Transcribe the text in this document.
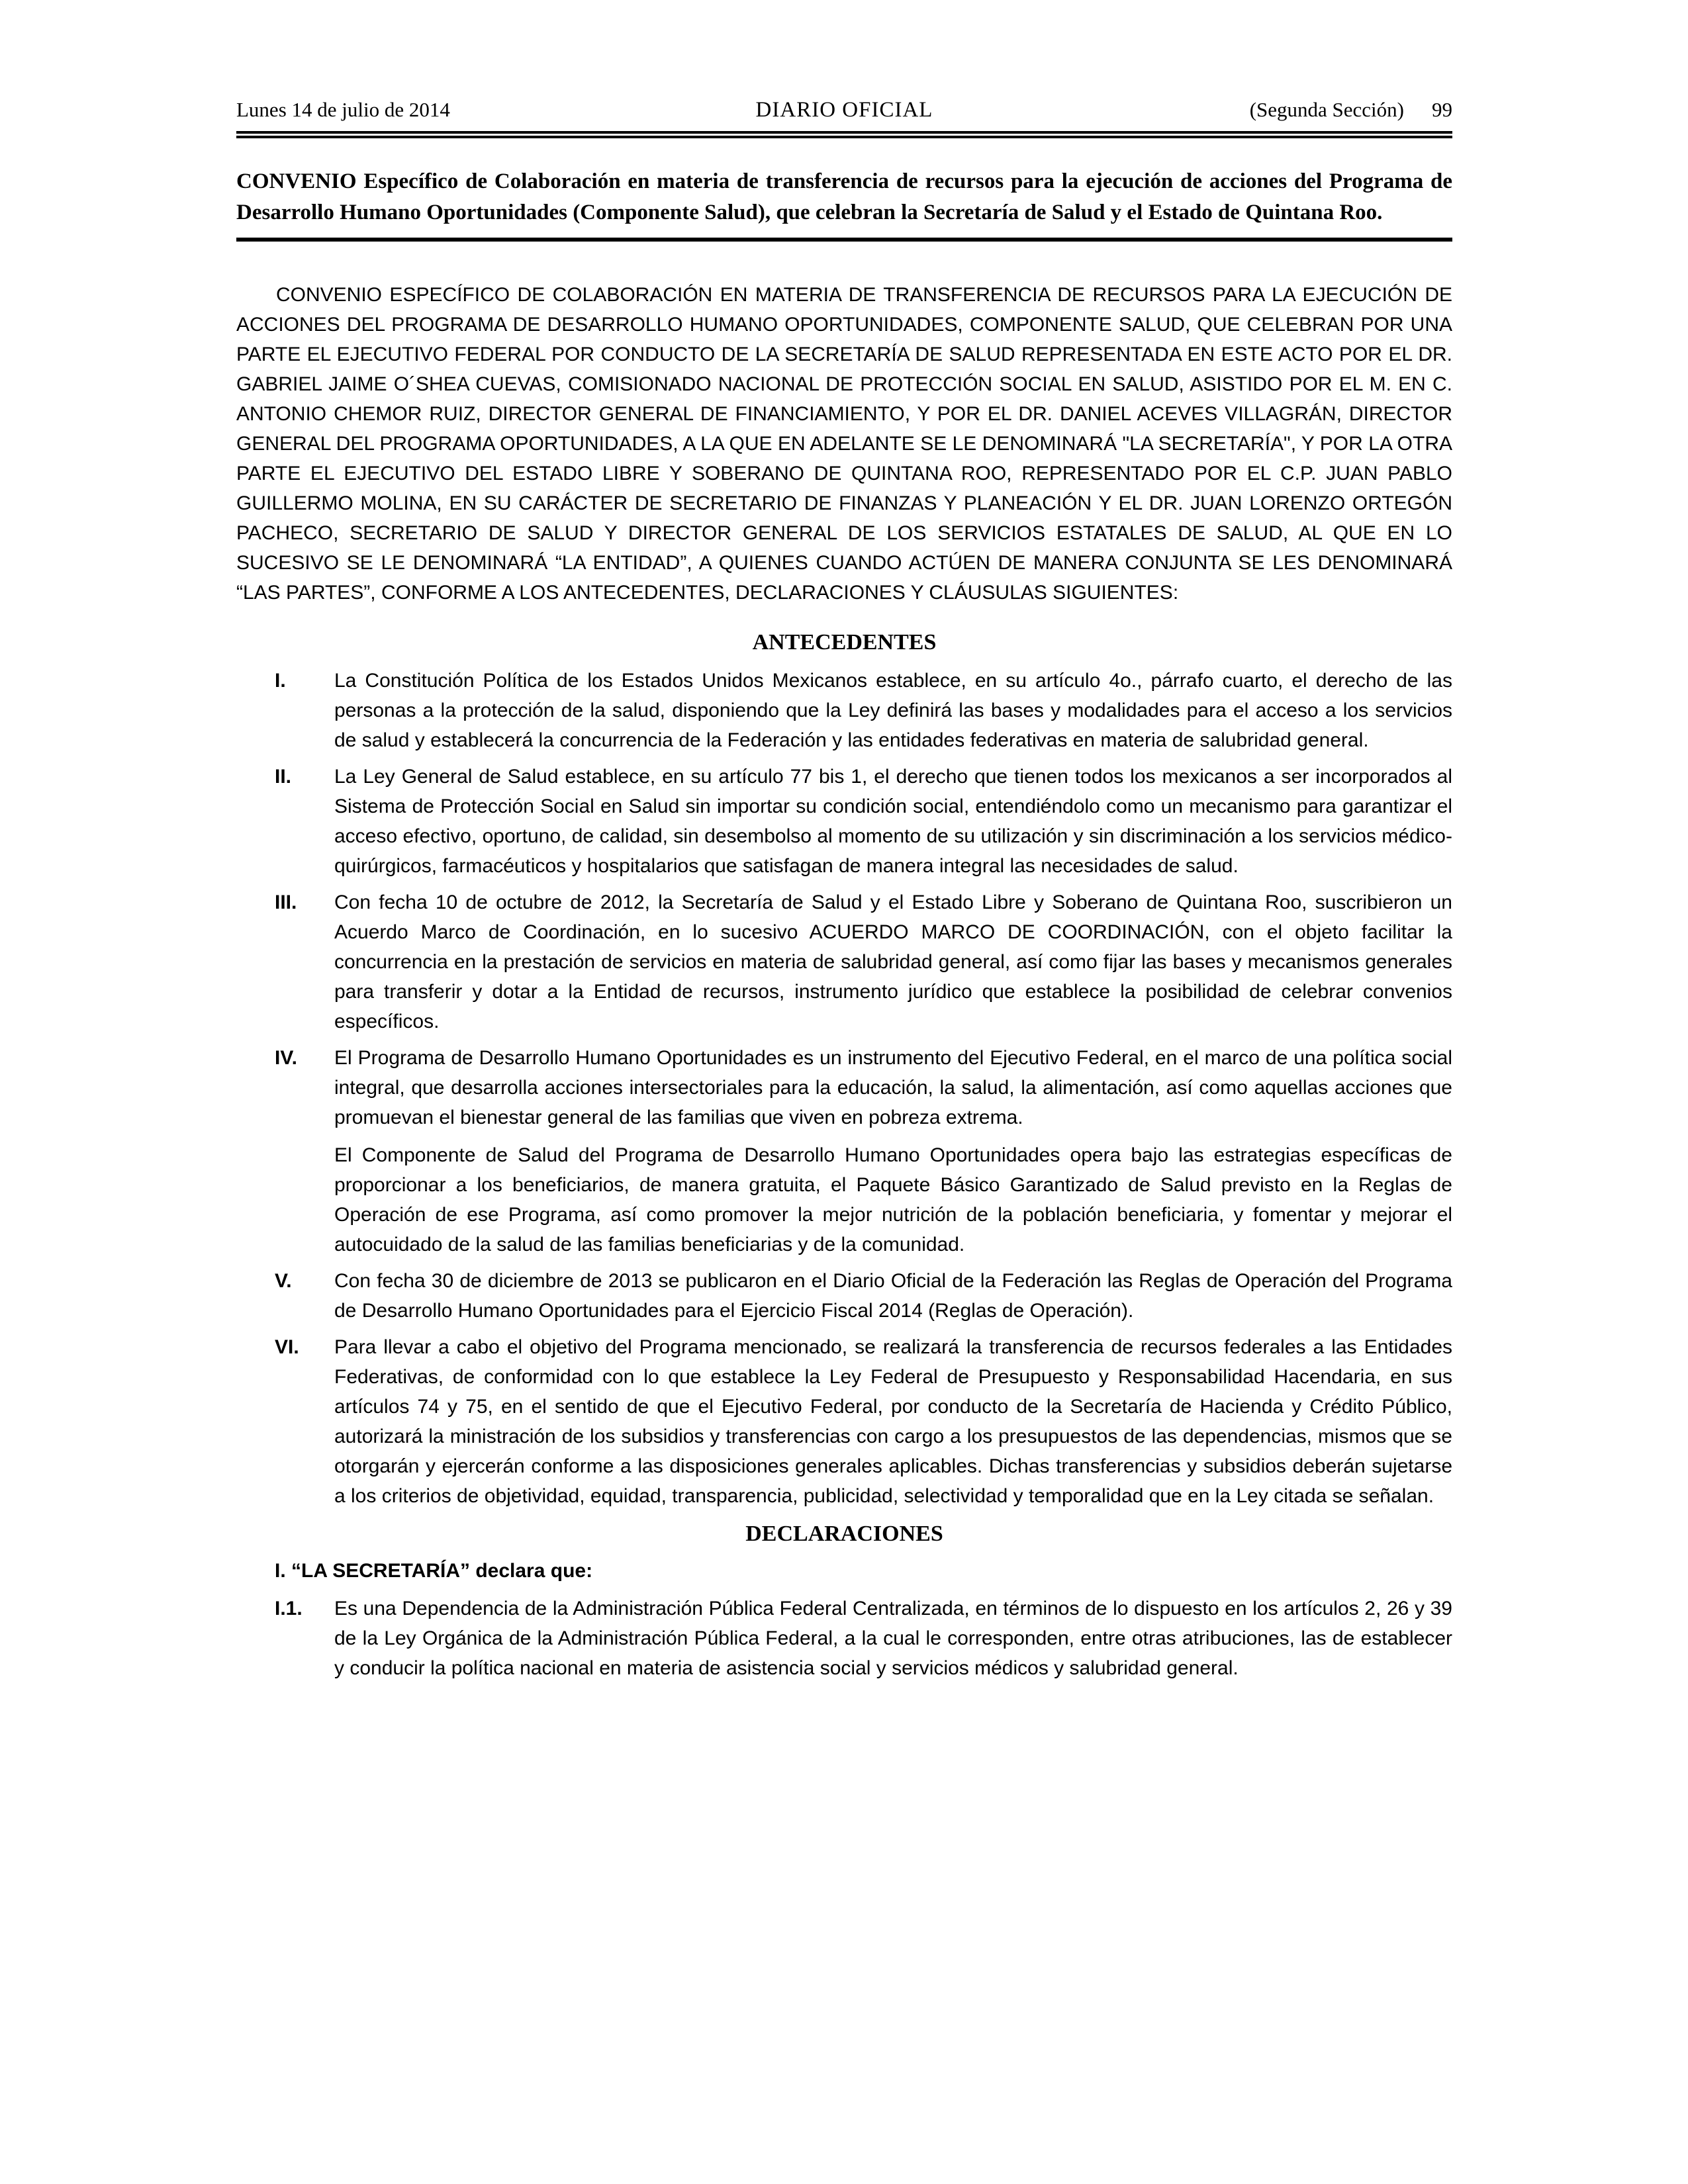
Lunes 14 de julio de 2014	DIARIO OFICIAL	(Segunda Sección) 99
CONVENIO Específico de Colaboración en materia de transferencia de recursos para la ejecución de acciones del Programa de Desarrollo Humano Oportunidades (Componente Salud), que celebran la Secretaría de Salud y el Estado de Quintana Roo.

CONVENIO ESPECÍFICO DE COLABORACIÓN EN MATERIA DE TRANSFERENCIA DE RECURSOS PARA LA EJECUCIÓN DE ACCIONES DEL PROGRAMA DE DESARROLLO HUMANO OPORTUNIDADES, COMPONENTE SALUD, QUE CELEBRAN POR UNA PARTE EL EJECUTIVO FEDERAL POR CONDUCTO DE LA SECRETARÍA DE SALUD REPRESENTADA EN ESTE ACTO POR EL DR. GABRIEL JAIME O´SHEA CUEVAS, COMISIONADO NACIONAL DE PROTECCIÓN SOCIAL EN SALUD, ASISTIDO POR EL M. EN C. ANTONIO CHEMOR RUIZ, DIRECTOR GENERAL DE FINANCIAMIENTO, Y POR EL DR. DANIEL ACEVES VILLAGRÁN, DIRECTOR GENERAL DEL PROGRAMA OPORTUNIDADES, A LA QUE EN ADELANTE SE LE DENOMINARÁ "LA SECRETARÍA", Y POR LA OTRA PARTE EL EJECUTIVO DEL ESTADO LIBRE Y SOBERANO DE QUINTANA ROO, REPRESENTADO POR EL C.P. JUAN PABLO GUILLERMO MOLINA, EN SU CARÁCTER DE SECRETARIO DE FINANZAS Y PLANEACIÓN Y EL DR. JUAN LORENZO ORTEGÓN PACHECO, SECRETARIO DE SALUD Y DIRECTOR GENERAL DE LOS SERVICIOS ESTATALES DE SALUD, AL QUE EN LO SUCESIVO SE LE DENOMINARÁ “LA ENTIDAD”, A QUIENES CUANDO ACTÚEN DE MANERA CONJUNTA SE LES DENOMINARÁ “LAS PARTES”, CONFORME A LOS ANTECEDENTES, DECLARACIONES Y CLÁUSULAS SIGUIENTES:

ANTECEDENTES
I. La Constitución Política de los Estados Unidos Mexicanos establece, en su artículo 4o., párrafo cuarto, el derecho de las personas a la protección de la salud, disponiendo que la Ley definirá las bases y modalidades para el acceso a los servicios de salud y establecerá la concurrencia de la Federación y las entidades federativas en materia de salubridad general.
II. La Ley General de Salud establece, en su artículo 77 bis 1, el derecho que tienen todos los mexicanos a ser incorporados al Sistema de Protección Social en Salud sin importar su condición social, entendiéndolo como un mecanismo para garantizar el acceso efectivo, oportuno, de calidad, sin desembolso al momento de su utilización y sin discriminación a los servicios médico-quirúrgicos, farmacéuticos y hospitalarios que satisfagan de manera integral las necesidades de salud.
III. Con fecha 10 de octubre de 2012, la Secretaría de Salud y el Estado Libre y Soberano de Quintana Roo, suscribieron un Acuerdo Marco de Coordinación, en lo sucesivo ACUERDO MARCO DE COORDINACIÓN, con el objeto facilitar la concurrencia en la prestación de servicios en materia de salubridad general, así como fijar las bases y mecanismos generales para transferir y dotar a la Entidad de recursos, instrumento jurídico que establece la posibilidad de celebrar convenios específicos.
IV. El Programa de Desarrollo Humano Oportunidades es un instrumento del Ejecutivo Federal, en el marco de una política social integral, que desarrolla acciones intersectoriales para la educación, la salud, la alimentación, así como aquellas acciones que promuevan el bienestar general de las familias que viven en pobreza extrema.
El Componente de Salud del Programa de Desarrollo Humano Oportunidades opera bajo las estrategias específicas de proporcionar a los beneficiarios, de manera gratuita, el Paquete Básico Garantizado de Salud previsto en la Reglas de Operación de ese Programa, así como promover la mejor nutrición de la población beneficiaria, y fomentar y mejorar el autocuidado de la salud de las familias beneficiarias y de la comunidad.
V. Con fecha 30 de diciembre de 2013 se publicaron en el Diario Oficial de la Federación las Reglas de Operación del Programa de Desarrollo Humano Oportunidades para el Ejercicio Fiscal 2014 (Reglas de Operación).
VI. Para llevar a cabo el objetivo del Programa mencionado, se realizará la transferencia de recursos federales a las Entidades Federativas, de conformidad con lo que establece la Ley Federal de Presupuesto y Responsabilidad Hacendaria, en sus artículos 74 y 75, en el sentido de que el Ejecutivo Federal, por conducto de la Secretaría de Hacienda y Crédito Público, autorizará la ministración de los subsidios y transferencias con cargo a los presupuestos de las dependencias, mismos que se otorgarán y ejercerán conforme a las disposiciones generales aplicables. Dichas transferencias y subsidios deberán sujetarse a los criterios de objetividad, equidad, transparencia, publicidad, selectividad y temporalidad que en la Ley citada se señalan.
DECLARACIONES
I. “LA SECRETARÍA” declara que:
I.1. Es una Dependencia de la Administración Pública Federal Centralizada, en términos de lo dispuesto en los artículos 2, 26 y 39 de la Ley Orgánica de la Administración Pública Federal, a la cual le corresponden, entre otras atribuciones, las de establecer y conducir la política nacional en materia de asistencia social y servicios médicos y salubridad general.
